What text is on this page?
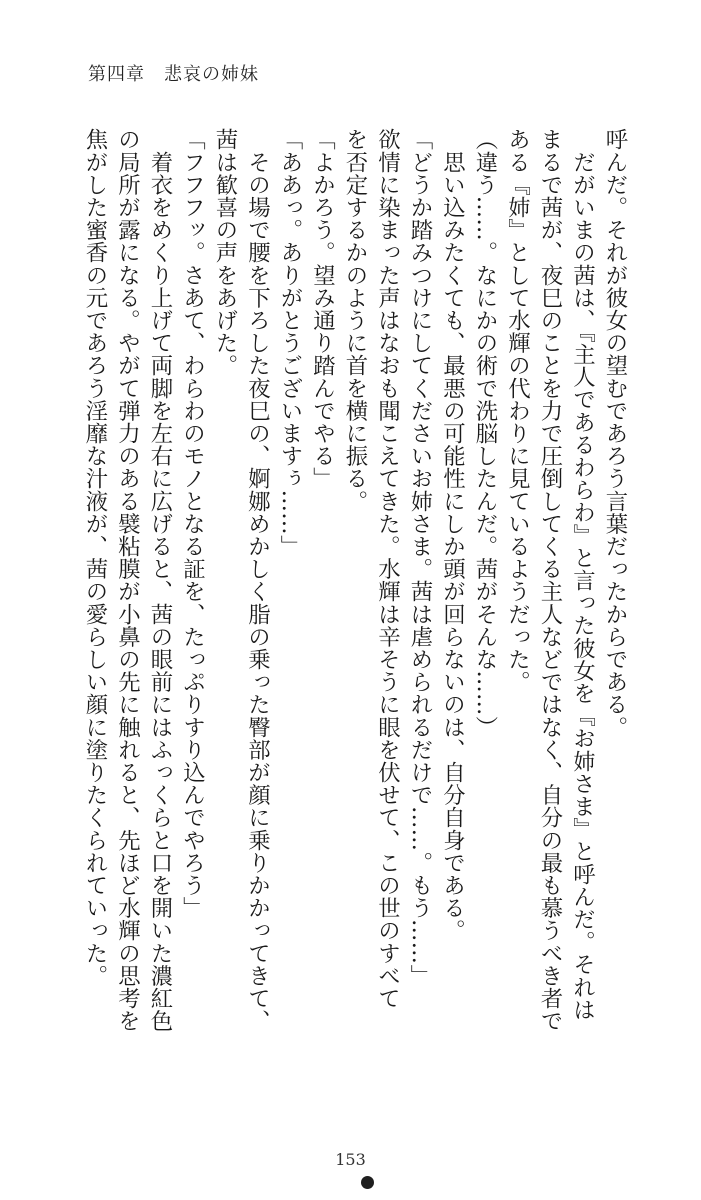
第四章　悲哀の姉妹
呼んだ。それが彼女の望むであろう言葉だったからである。
　だがいまの茜は、『主人であるわらわ』と言った彼女を『お姉さま』と呼んだ。それは
まるで茜が、夜巳のことを力で圧倒してくる主人などではなく、自分の最も慕うべき者で
ある『姉』として水輝の代わりに見ているようだった。
（違う……。なにかの術で洗脳したんだ。茜がそんな……）
　思い込みたくても、最悪の可能性にしか頭が回らないのは、自分自身である。
「どうか踏みつけにしてくださいお姉さま。茜は虐められるだけで……。もう……」
欲情に染まった声はなおも聞こえてきた。水輝は辛そうに眼を伏せて、この世のすべて
を否定するかのように首を横に振る。
「よかろう。望み通り踏んでやる」
「ああっ。ありがとうございますぅ……」
　その場で腰を下ろした夜巳の、婀娜めかしく脂の乗った臀部が顔に乗りかかってきて、
茜は歓喜の声をあげた。
「フフフッ。さあて、わらわのモノとなる証を、たっぷりすり込んでやろう」
　着衣をめくり上げて両脚を左右に広げると、茜の眼前にはふっくらと口を開いた濃紅色
の局所が露になる。やがて弾力のある襞粘膜が小鼻の先に触れると、先ほど水輝の思考を
焦がした蜜香の元であろう淫靡な汁液が、茜の愛らしい顔に塗りたくられていった。
153
